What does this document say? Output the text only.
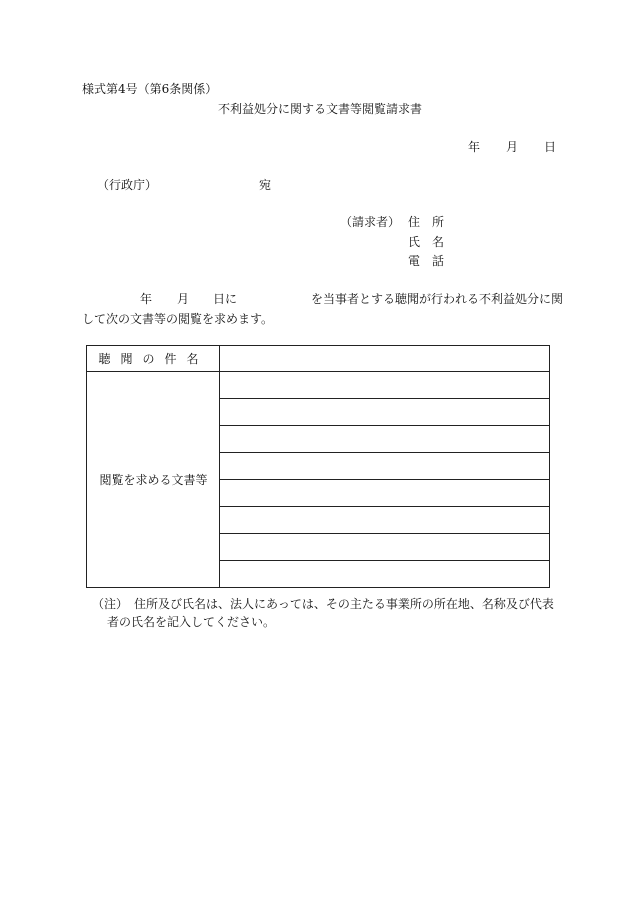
様式第4号（第6条関係）
不利益処分に関する文書等閲覧請求書
年 月 日
（行政庁）	宛
（請求者） 住所
氏名
電話
年 月 日に	を当事者とする聴聞が行われる不利益処分に関
して次の文書等の閲覧を求めます。
聴聞の件名
閲覧を求める文書等
（注）　住所及び氏名は、法人にあっては、その主たる事業所の所在地、名称及び代表
者の氏名を記入してください。
